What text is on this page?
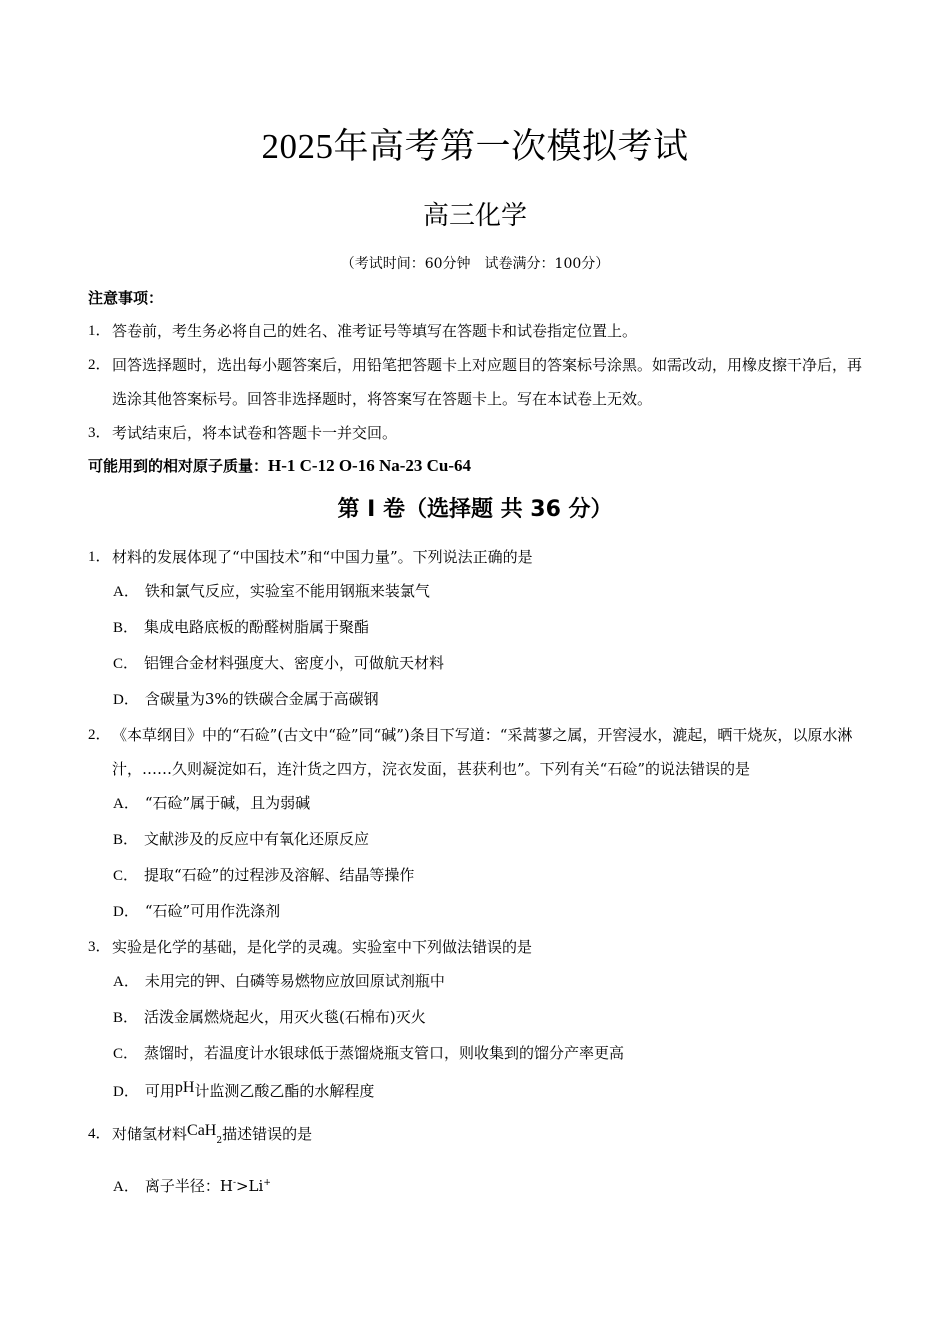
2025年高考第一次模拟考试
高三化学
（考试时间：60分钟　试卷满分：100分）
注意事项：
1． 答卷前，考生务必将自己的姓名、准考证号等填写在答题卡和试卷指定位置上。
2． 回答选择题时，选出每小题答案后，用铅笔把答题卡上对应题目的答案标号涂黑。如需改动，用橡皮擦干净后，再选涂其他答案标号。回答非选择题时，将答案写在答题卡上。写在本试卷上无效。
3． 考试结束后，将本试卷和答题卡一并交回。
可能用到的相对原子质量：H-1 C-12 O-16 Na-23 Cu-64
第 I 卷（选择题 共 36 分）
1． 材料的发展体现了“中国技术”和“中国力量”。下列说法正确的是
A． 铁和氯气反应，实验室不能用钢瓶来装氯气
B． 集成电路底板的酚醛树脂属于聚酯
C． 铝锂合金材料强度大、密度小，可做航天材料
D． 含碳量为3%的铁碳合金属于高碳钢
2． 《本草纲目》中的“石硷”(古文中“硷”同“碱”)条目下写道：“采蒿蓼之属，开窖浸水，漉起，晒干烧灰，以原水淋汁，……久则凝淀如石，连汁货之四方，浣衣发面，甚获利也”。下列有关“石硷”的说法错误的是
A． “石硷”属于碱，且为弱碱
B． 文献涉及的反应中有氧化还原反应
C． 提取“石硷”的过程涉及溶解、结晶等操作
D． “石硷”可用作洗涤剂
3． 实验是化学的基础，是化学的灵魂。实验室中下列做法错误的是
A． 未用完的钾、白磷等易燃物应放回原试剂瓶中
B． 活泼金属燃烧起火，用灭火毯(石棉布)灭火
C． 蒸馏时，若温度计水银球低于蒸馏烧瓶支管口，则收集到的馏分产率更高
D． 可用pH计监测乙酸乙酯的水解程度
4． 对储氢材料CaH$_2$描述错误的是
A． 离子半径：H->Li+
